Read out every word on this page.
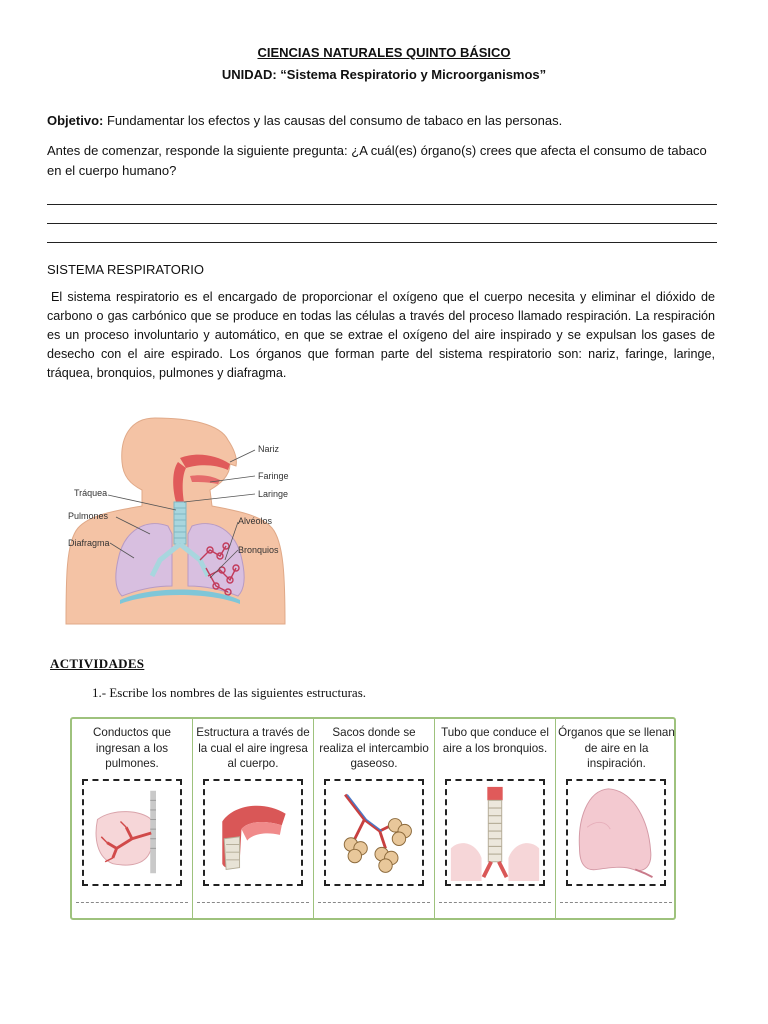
CIENCIAS NATURALES QUINTO BÁSICO
UNIDAD: “Sistema Respiratorio y Microorganismos”
Objetivo: Fundamentar los efectos y las causas del consumo de tabaco en las personas.
Antes de comenzar, responde la siguiente pregunta: ¿A cuál(es) órgano(s) crees que afecta el consumo de tabaco en el cuerpo humano?
SISTEMA RESPIRATORIO
El sistema respiratorio es el encargado de proporcionar el oxígeno que el cuerpo necesita y eliminar el dióxido de carbono o gas carbónico que se produce en todas las células a través del proceso llamado respiración. La respiración es un proceso involuntario y automático, en que se extrae el oxígeno del aire inspirado y se expulsan los gases de desecho con el aire espirado. Los órganos que forman parte del sistema respiratorio son: nariz, faringe, laringe, tráquea, bronquios, pulmones y diafragma.
Nariz
Faringe
Laringe
Tráquea
Pulmones	Alvéolos
Diafragma
Bronquios
ACTIVIDADES
1.- Escribe los nombres de las siguientes estructuras.
Conductos que ingresan a los pulmones.
Estructura a través de la cual el aire ingresa al cuerpo.
Sacos donde se realiza el intercambio gaseoso.
Tubo que conduce el aire a los bronquios.
Órganos que se llenan de aire en la inspiración.
